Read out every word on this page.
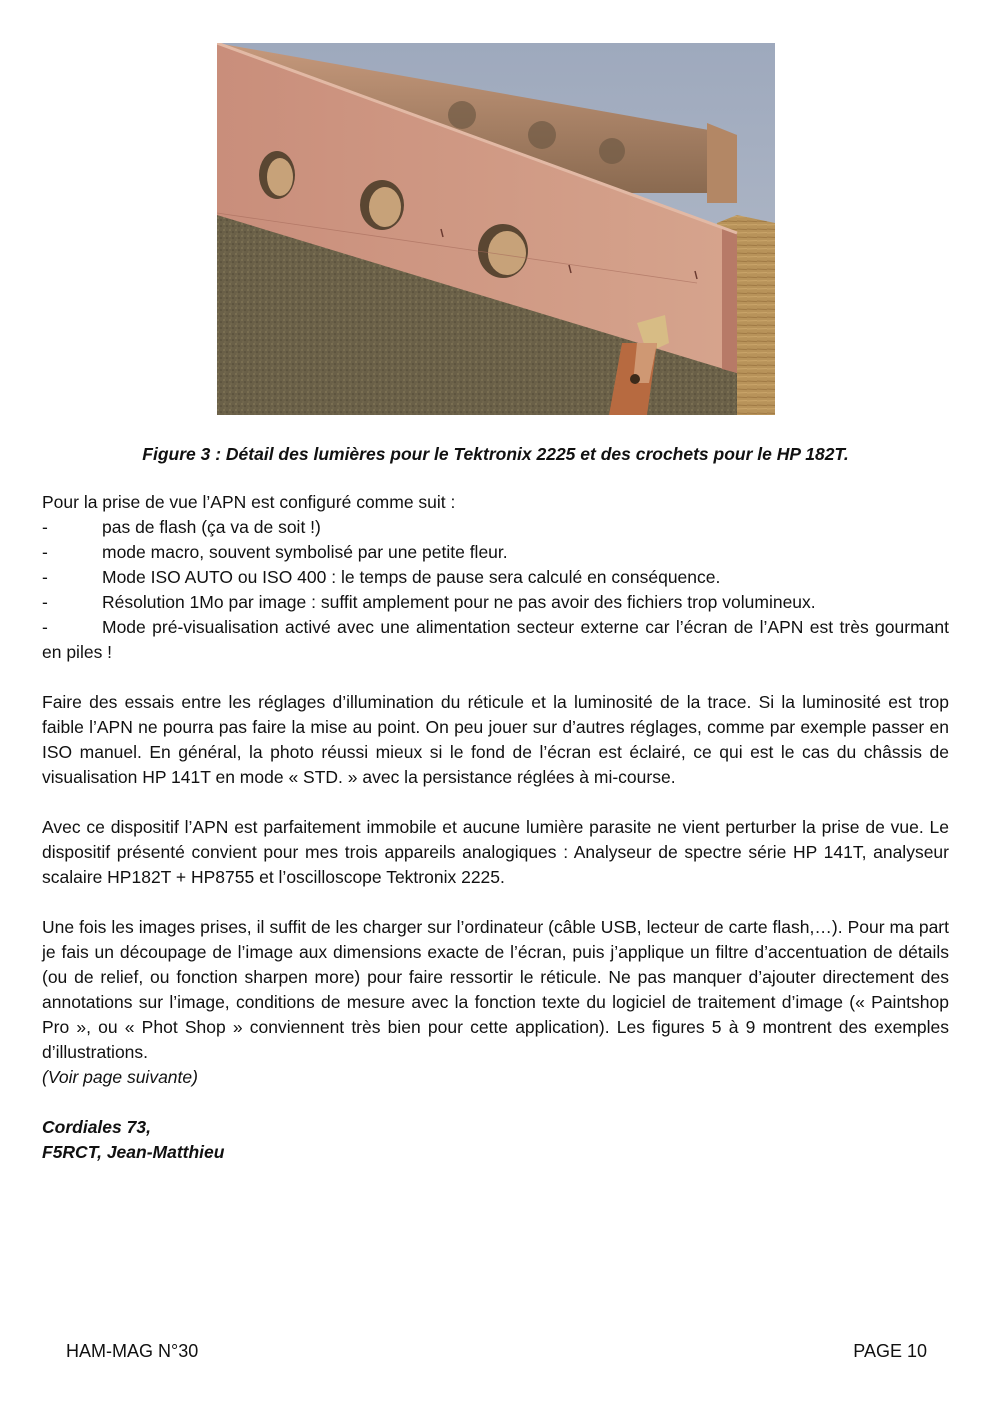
Figure 3 : Détail des lumières pour le Tektronix 2225 et des crochets pour le HP 182T.

Pour la prise de vue l’APN est configuré comme suit :

-	pas de flash (ça va de soit !)
-	mode macro, souvent symbolisé par une petite fleur.
-	Mode ISO AUTO ou ISO 400 : le temps de pause sera calculé en conséquence.
-	Résolution 1Mo par image : suffit amplement pour ne pas avoir des fichiers trop volumineux.

-	Mode pré-visualisation activé avec une alimentation secteur externe car l’écran de l’APN est très gourmant en piles !

Faire des essais entre les réglages d’illumination du réticule et la luminosité de la trace. Si la luminosité est trop faible l’APN ne pourra pas faire la mise au point. On peu jouer sur d’autres réglages, comme par exemple passer en ISO manuel. En général, la photo réussi mieux si le fond de l’écran est éclairé, ce qui est le cas du châssis de visualisation HP 141T en mode « STD. » avec la persistance réglées à mi-course.

Avec ce dispositif l’APN est parfaitement immobile et aucune lumière parasite ne vient perturber la prise de vue. Le dispositif présenté convient pour mes trois appareils analogiques : Analyseur de spectre série HP 141T, analyseur scalaire HP182T + HP8755 et l’oscilloscope Tektronix 2225.

Une fois les images prises, il suffit de les charger sur l’ordinateur (câble USB, lecteur de carte flash,…). Pour ma part je fais un découpage de l’image aux dimensions exacte de l’écran, puis j’applique un filtre d’accentuation de détails (ou de relief, ou fonction sharpen more) pour faire ressortir le réticule. Ne pas manquer d’ajouter directement des annotations sur l’image, conditions de mesure avec la fonction texte du logiciel de traitement d’image (« Paintshop Pro », ou « Phot Shop » conviennent très bien pour cette application). Les figures 5 à 9 montrent des exemples d’illustrations.

(Voir page suivante)

Cordiales 73,

F5RCT, Jean-Matthieu

HAM-MAG N°30	PAGE 10
